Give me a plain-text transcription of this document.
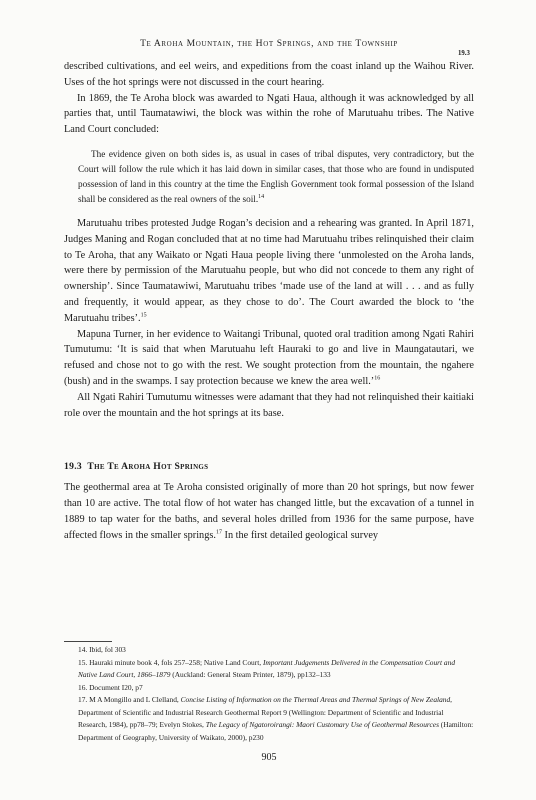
Te Aroha Mountain, the Hot Springs, and the Township
19.3

described cultivations, and eel weirs, and expeditions from the coast inland up the Waihou River. Uses of the hot springs were not discussed in the court hearing.

In 1869, the Te Aroha block was awarded to Ngati Haua, although it was acknowledged by all parties that, until Taumatawiwi, the block was within the rohe of Marutuahu tribes. The Native Land Court concluded:

The evidence given on both sides is, as usual in cases of tribal disputes, very contradictory, but the Court will follow the rule which it has laid down in similar cases, that those who are found in undisputed possession of land in this country at the time the English Government took formal possession of the Island shall be considered as the real owners of the soil.$^{14}$

Marutuahu tribes protested Judge Rogan’s decision and a rehearing was granted. In April 1871, Judges Maning and Rogan concluded that at no time had Marutuahu tribes relinquished their claim to Te Aroha, that any Waikato or Ngati Haua people living there ‘unmolested on the Aroha lands, were there by permission of the Marutuahu people, but who did not concede to them any right of ownership’. Since Taumatawiwi, Marutuahu tribes ‘made use of the land at will . . . and as fully and frequently, it would appear, as they chose to do’. The Court awarded the block to ‘the Marutuahu tribes’.$^{15}$

Mapuna Turner, in her evidence to Waitangi Tribunal, quoted oral tradition among Ngati Rahiri Tumutumu: ‘It is said that when Marutuahu left Hauraki to go and live in Maungatautari, we refused and chose not to go with the rest. We sought protection from the mountain, the ngahere (bush) and in the swamps. I say protection because we knew the area well.’$^{16}$

All Ngati Rahiri Tumutumu witnesses were adamant that they had not relinquished their kaitiaki role over the mountain and the hot springs at its base.

19.3 The Te Aroha Hot Springs

The geothermal area at Te Aroha consisted originally of more than 20 hot springs, but now fewer than 10 are active. The total flow of hot water has changed little, but the excavation of a tunnel in 1889 to tap water for the baths, and several holes drilled from 1936 for the same purpose, have affected flows in the smaller springs.$^{17}$ In the first detailed geological survey

14. Ibid, fol 303

15. Hauraki minute book 4, fols 257–258; Native Land Court, Important Judgements Delivered in the Compensation Court and Native Land Court, 1866–1879 (Auckland: General Steam Printer, 1879), pp132–133

16. Document I20, p7

17. M A Mongillo and L Clelland, Concise Listing of Information on the Thermal Areas and Thermal Springs of New Zealand, Department of Scientific and Industrial Research Geothermal Report 9 (Wellington: Department of Scientific and Industrial Research, 1984), pp78–79; Evelyn Stokes, The Legacy of Ngatoroirangi: Maori Customary Use of Geothermal Resources (Hamilton: Department of Geography, University of Waikato, 2000), p230

905
